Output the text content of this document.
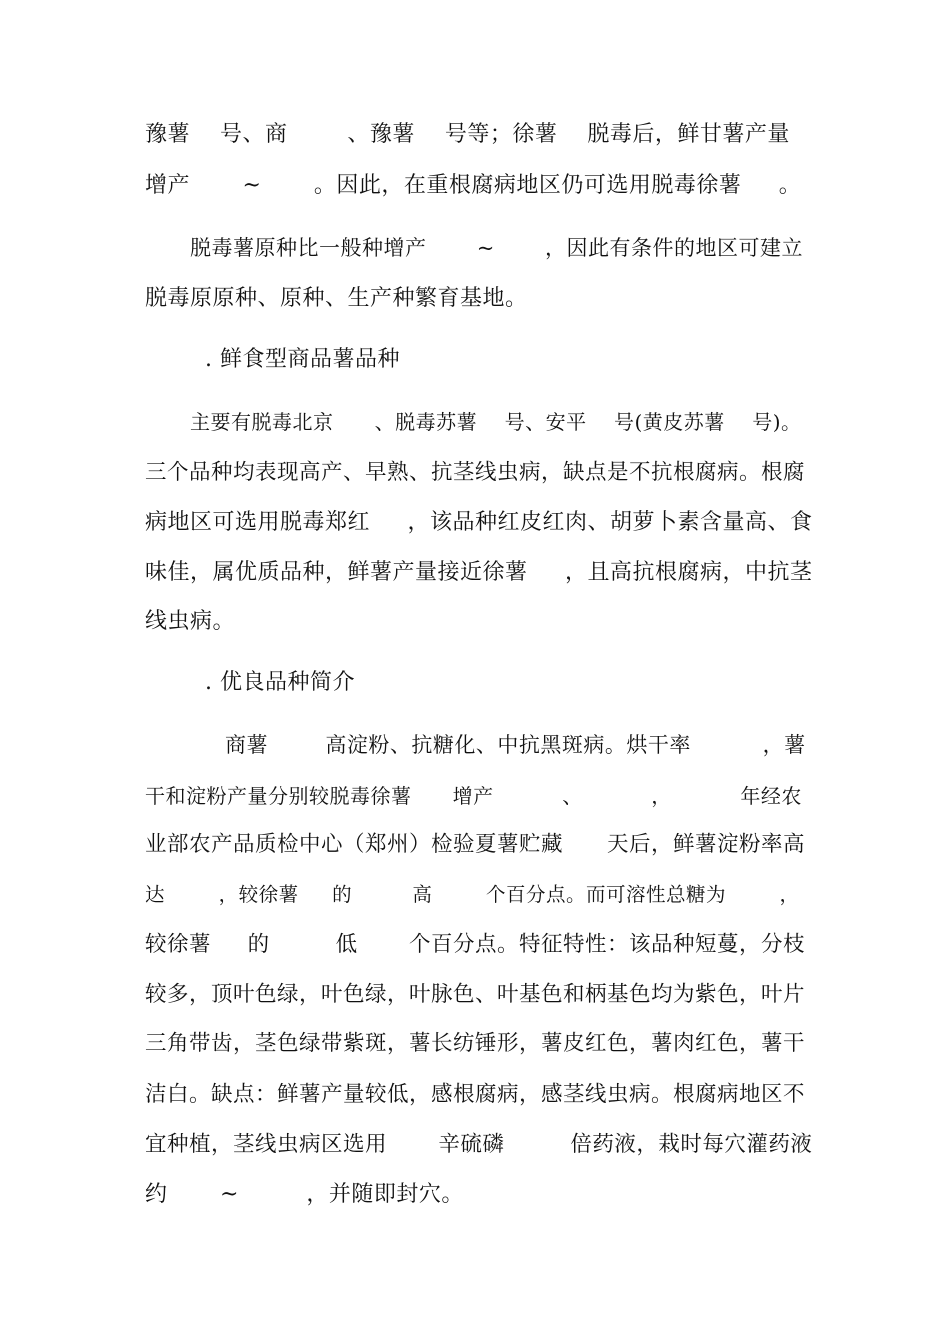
豫薯    号、商        、豫薯    号等；徐薯    脱毒后，鲜甘薯产量

增产       ~       。因此，在重根腐病地区仍可选用脱毒徐薯     。

脱毒薯原种比一般种增产       ~       ，因此有条件的地区可建立

脱毒原原种、原种、生产种繁育基地。

. 鲜食型商品薯品种

主要有脱毒北京      、脱毒苏薯    号、安平    号(黄皮苏薯    号)。

三个品种均表现高产、早熟、抗茎线虫病，缺点是不抗根腐病。根腐

病地区可选用脱毒郑红     ，该品种红皮红肉、胡萝卜素含量高、食

味佳，属优质品种，鲜薯产量接近徐薯     ，且高抗根腐病，中抗茎

线虫病。

. 优良品种简介

商薯        高淀粉、抗糖化、中抗黑斑病。烘干率          ，薯

干和淀粉产量分别较脱毒徐薯      增产          、          ，          年经农

业部农产品质检中心（郑州）检验夏薯贮藏      天后，鲜薯淀粉率高

达        ，较徐薯     的         高        个百分点。而可溶性总糖为        ，

较徐薯     的         低       个百分点。特征特性：该品种短蔓，分枝

较多，顶叶色绿，叶色绿，叶脉色、叶基色和柄基色均为紫色，叶片

三角带齿，茎色绿带紫斑，薯长纺锤形，薯皮红色，薯肉红色，薯干

洁白。缺点：鲜薯产量较低，感根腐病，感茎线虫病。根腐病地区不

宜种植，茎线虫病区选用       辛硫磷         倍药液，栽时每穴灌药液

约       ~         ，并随即封穴。
